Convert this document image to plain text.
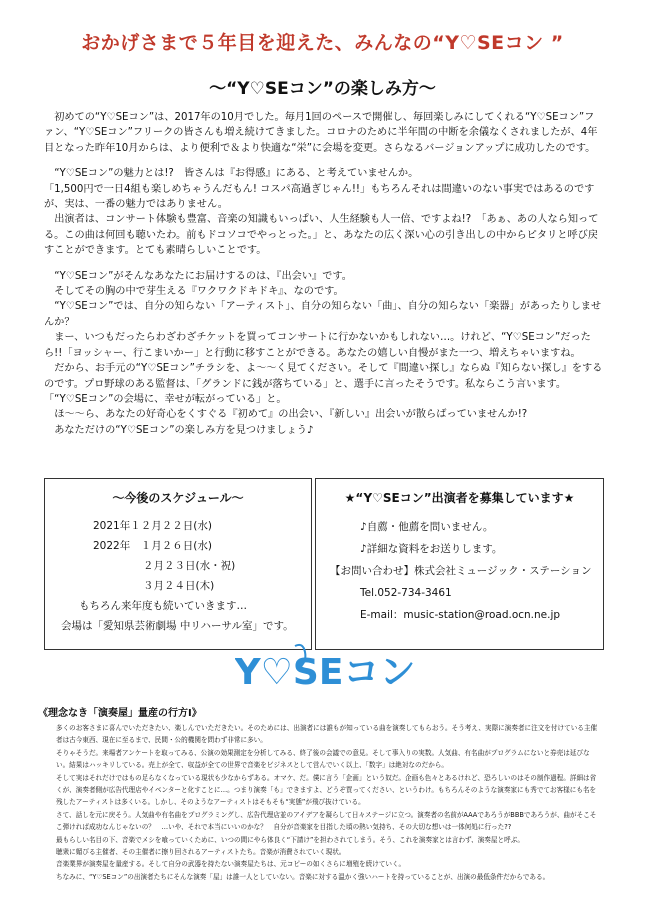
おかげさまで５年目を迎えた、みんなの“Y♡SEコン ”
〜“Y♡SEコン”の楽しみ方〜

初めての“Y♡SEコン”は、2017年の10月でした。毎月1回のペースで開催し、毎回楽しみにしてくれる“Y♡SEコン”ファン、“Y♡SEコン”フリークの皆さんも増え続けてきました。コロナのために半年間の中断を余儀なくされましたが、4年目となった昨年10月からは、より便利で＆より快適な“栄”に会場を変更。さらなるバージョンアップに成功したのです。

“Y♡SEコン”の魅力とは!?　皆さんは『お得感』にある、と考えていませんか。
「1,500円で一日4組も楽しめちゃうんだもん! コスパ高過ぎじゃん!!」もちろんそれは間違いのない事実ではあるのですが、実は、一番の魅力ではありません。
出演者は、コンサート体験も豊富、音楽の知識もいっぱい、人生経験も人一倍、ですよね!?　「あぁ、あの人なら知ってる。この曲は何回も聴いたわ。前もドコソコでやっとった。」と、あなたの広く深い心の引き出しの中からピタリと呼び戻すことができます。とても素晴らしいことです。

“Y♡SEコン”がそんなあなたにお届けするのは、『出会い』です。
そしてその胸の中で芽生える『ワクワクドキドキ』、なのです。
“Y♡SEコン”では、自分の知らない「アーティスト」、自分の知らない「曲」、自分の知らない「楽器」があったりしませんか？
まー、いつもだったらわざわざチケットを買ってコンサートに行かないかもしれない…。けれど、“Y♡SEコン”だったら!!「ヨッシャー、行こまいかー」と行動に移すことができる。あなたの嬉しい自慢がまた一つ、増えちゃいますね。
だから、お手元の“Y♡SEコン”チラシを、よ〜〜く見てください。そして『間違い探し』ならぬ『知らない探し』をするのです。プロ野球のある監督は、「グランドに銭が落ちている」と、選手に言ったそうです。私ならこう言います。「“Y♡SEコン”の会場に、幸せが転がっている」と。
ほ〜〜ら、あなたの好奇心をくすぐる『初めて』の出会い、『新しい』出会いが散らばっていませんか!?
あなただけの“Y♡SEコン”の楽しみ方を見つけましょう♪

〜今後のスケジュール〜
2021年１２月２２日(水)
2022年　１月２６日(水)
２月２３日(水・祝)
３月２４日(木)
もちろん来年度も続いていきます…
会場は「愛知県芸術劇場 中リハーサル室」です。
★“Y♡SEコン”出演者を募集しています★
♪自薦・他薦を問いません。
♪詳細な資料をお送りします。
【お問い合わせ】株式会社ミュージック・ステーション
Tel.052-734-3461
E-mail：music-station@road.ocn.ne.jp
Y♡SEコン
《理念なき「演奏屋」量産の行方Ⅰ》
多くのお客さまに喜んでいただきたい、楽しんでいただきたい。そのためには、出演者には誰もが知っている曲を演奏してもらおう。そう考え、実際に演奏者に注文を付けている主催者は古今東西、現在に至るまで、民間・公的機関を問わず非常に多い。
そりゃそうだ。来場者アンケートを取ってみる、公演の効果測定を分析してみる、終了後の会議での意見。そして事入りの実数。人気曲、有名曲がプログラムにないと券売は延びない。結果はハッキリしている。売上が全て、収益が全ての世界で音楽をビジネスとして営んでいく以上、「数字」は絶対なのだから。
そして実はそれだけではもの足らなくなっている現状も少なからずある。オマケ、だ。僕に言う「企画」という奴だ。企画も色々とあるけれど、恐ろしいのはその制作過程。詳細は省くが、演奏者側が広告代理店やイベンターと化すことに…。つまり演奏「も」できますよ、どうぞ買ってください、というわけ。もちろんそのような演奏家にも秀でてお客様にも名を残したアーティストは多くいる。しかし、そのようなアーティストはそもそも“実態”が飛び抜けている。
さて、話しを元に戻そう。人気曲や有名曲をプログラミングし、広告代理店並のアイデアを凝らして日々ステージに立つ。演奏者の名前がAAAであろうがBBBであろうが、曲がそこそこ弾ければ成功なんじゃないの？　…いや、それで本当にいいのかな？　自分が音楽家を目指した頃の熱い気持ち、その大切な想いは一体何処に行った??
最もらしい名目の下、音楽でメシを喰っていくために、いつの間にやら体良く“下請け”を担わされてしまう。そう、これを演奏家とは言わず、演奏屋と呼ぶ。
聴衆に媚びる主催者、その主催者に擦り回されるアーティストたち。音楽が消費されていく現状。
音楽業界が演奏屋を量産する。そして自分の武器を持たない演奏屋たちは、元コピーの如くさらに増殖を続けていく。
ちなみに、“Y♡SEコン”の出演者たちにそんな演奏「屋」は誰一人としていない。音楽に対する温かく強いハートを持っていることが、出演の最低条件だからである。
